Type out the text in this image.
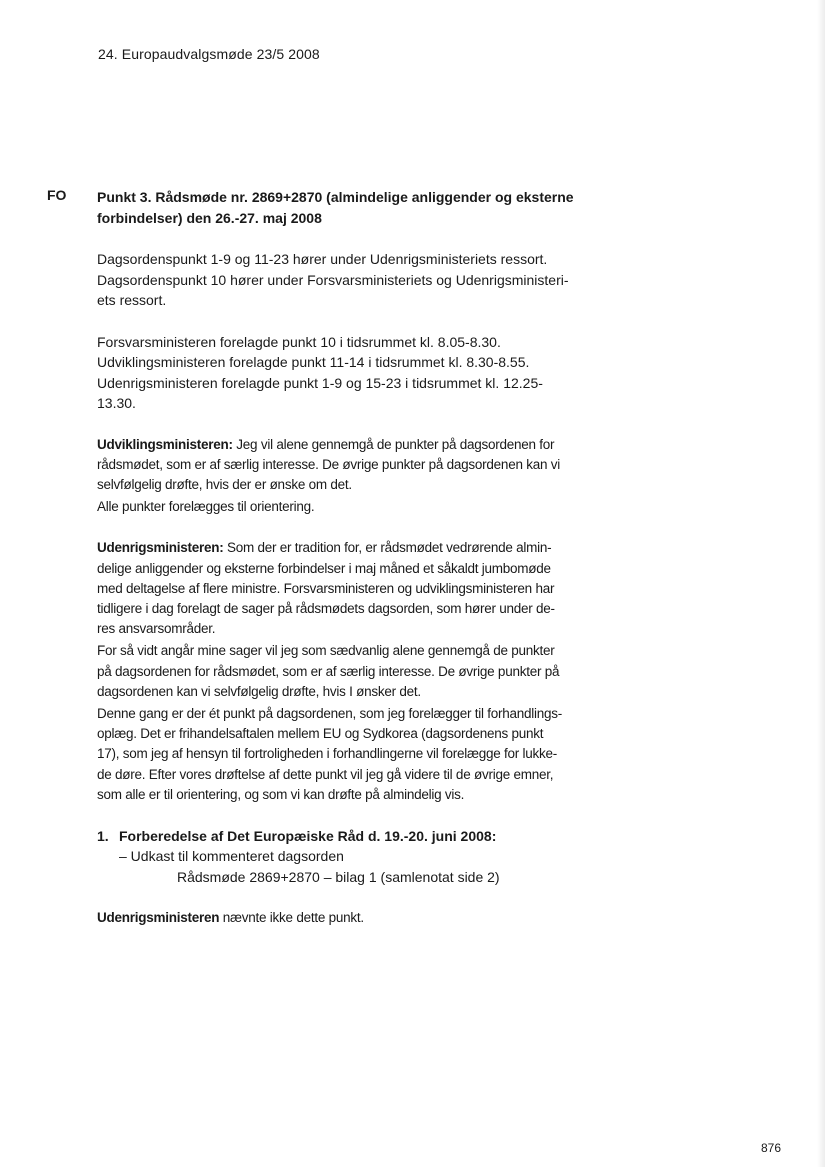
24. Europaudvalgsmøde 23/5 2008
FO Punkt 3. Rådsmøde nr. 2869+2870 (almindelige anliggender og eksterne
forbindelser) den 26.-27. maj 2008

Dagsordenspunkt 1-9 og 11-23 hører under Udenrigsministeriets ressort.
Dagsordenspunkt 10 hører under Forsvarsministeriets og Udenrigsministeri-
ets ressort.

Forsvarsministeren forelagde punkt 10 i tidsrummet kl. 8.05-8.30.
Udviklingsministeren forelagde punkt 11-14 i tidsrummet kl. 8.30-8.55.
Udenrigsministeren forelagde punkt 1-9 og 15-23 i tidsrummet kl. 12.25-
13.30.

Udviklingsministeren: Jeg vil alene gennemgå de punkter på dagsordenen for
rådsmødet, som er af særlig interesse. De øvrige punkter på dagsordenen kan vi
selvfølgelig drøfte, hvis der er ønske om det.

Alle punkter forelægges til orientering.

Udenrigsministeren: Som der er tradition for, er rådsmødet vedrørende almin-
delige anliggender og eksterne forbindelser i maj måned et såkaldt jumbomøde
med deltagelse af flere ministre. Forsvarsministeren og udviklingsministeren har
tidligere i dag forelagt de sager på rådsmødets dagsorden, som hører under de-
res ansvarsområder.

For så vidt angår mine sager vil jeg som sædvanlig alene gennemgå de punkter
på dagsordenen for rådsmødet, som er af særlig interesse. De øvrige punkter på
dagsordenen kan vi selvfølgelig drøfte, hvis I ønsker det.

Denne gang er der ét punkt på dagsordenen, som jeg forelægger til forhandlings-
oplæg. Det er frihandelsaftalen mellem EU og Sydkorea (dagsordenens punkt
17), som jeg af hensyn til fortroligheden i forhandlingerne vil forelægge for lukke-
de døre. Efter vores drøftelse af dette punkt vil jeg gå videre til de øvrige emner,
som alle er til orientering, og som vi kan drøfte på almindelig vis.

1. Forberedelse af Det Europæiske Råd d. 19.-20. juni 2008:
– Udkast til kommenteret dagsorden
Rådsmøde 2869+2870 – bilag 1 (samlenotat side 2)

Udenrigsministeren nævnte ikke dette punkt.

876
